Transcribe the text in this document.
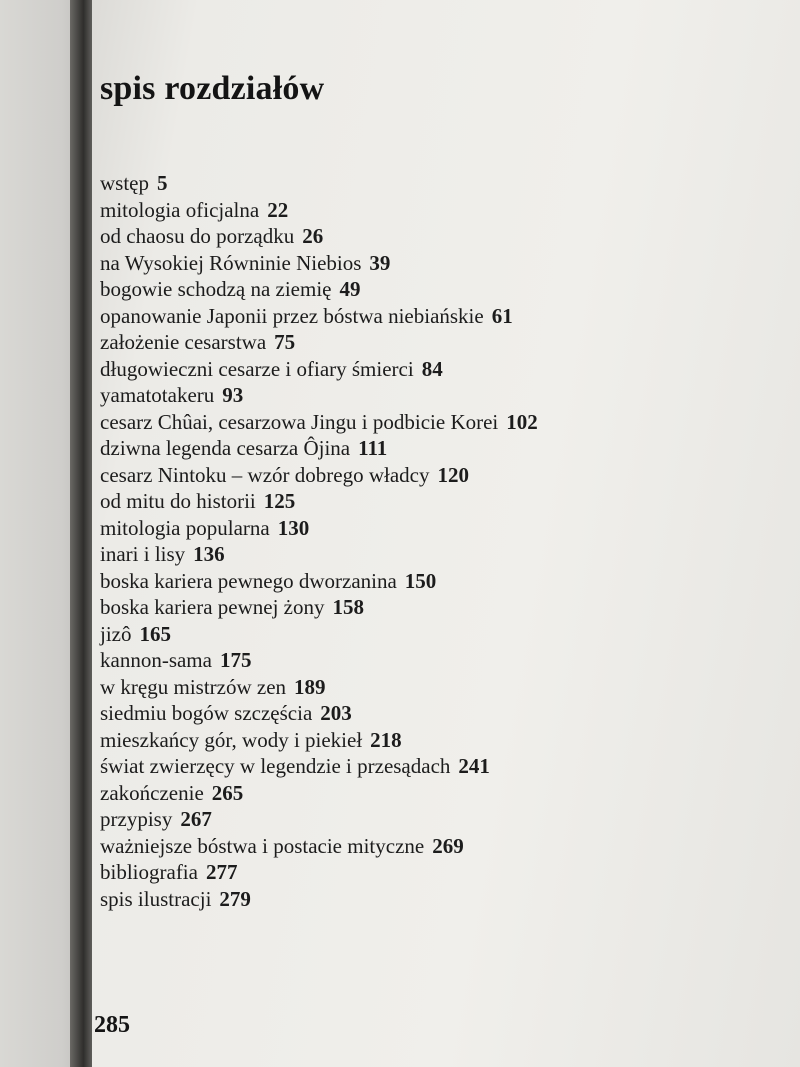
spis rozdziałów
wstęp 5
mitologia oficjalna 22
od chaosu do porządku 26
na Wysokiej Równinie Niebios 39
bogowie schodzą na ziemię 49
opanowanie Japonii przez bóstwa niebiańskie 61
założenie cesarstwa 75
długowieczni cesarze i ofiary śmierci 84
yamatotakeru 93
cesarz Chûai, cesarzowa Jingu i podbicie Korei 102
dziwna legenda cesarza Ôjina 111
cesarz Nintoku – wzór dobrego władcy 120
od mitu do historii 125
mitologia popularna 130
inari i lisy 136
boska kariera pewnego dworzanina 150
boska kariera pewnej żony 158
jizô 165
kannon-sama 175
w kręgu mistrzów zen 189
siedmiu bogów szczęścia 203
mieszkańcy gór, wody i piekieł 218
świat zwierzęcy w legendzie i przesądach 241
zakończenie 265
przypisy 267
ważniejsze bóstwa i postacie mityczne 269
bibliografia 277
spis ilustracji 279
285
